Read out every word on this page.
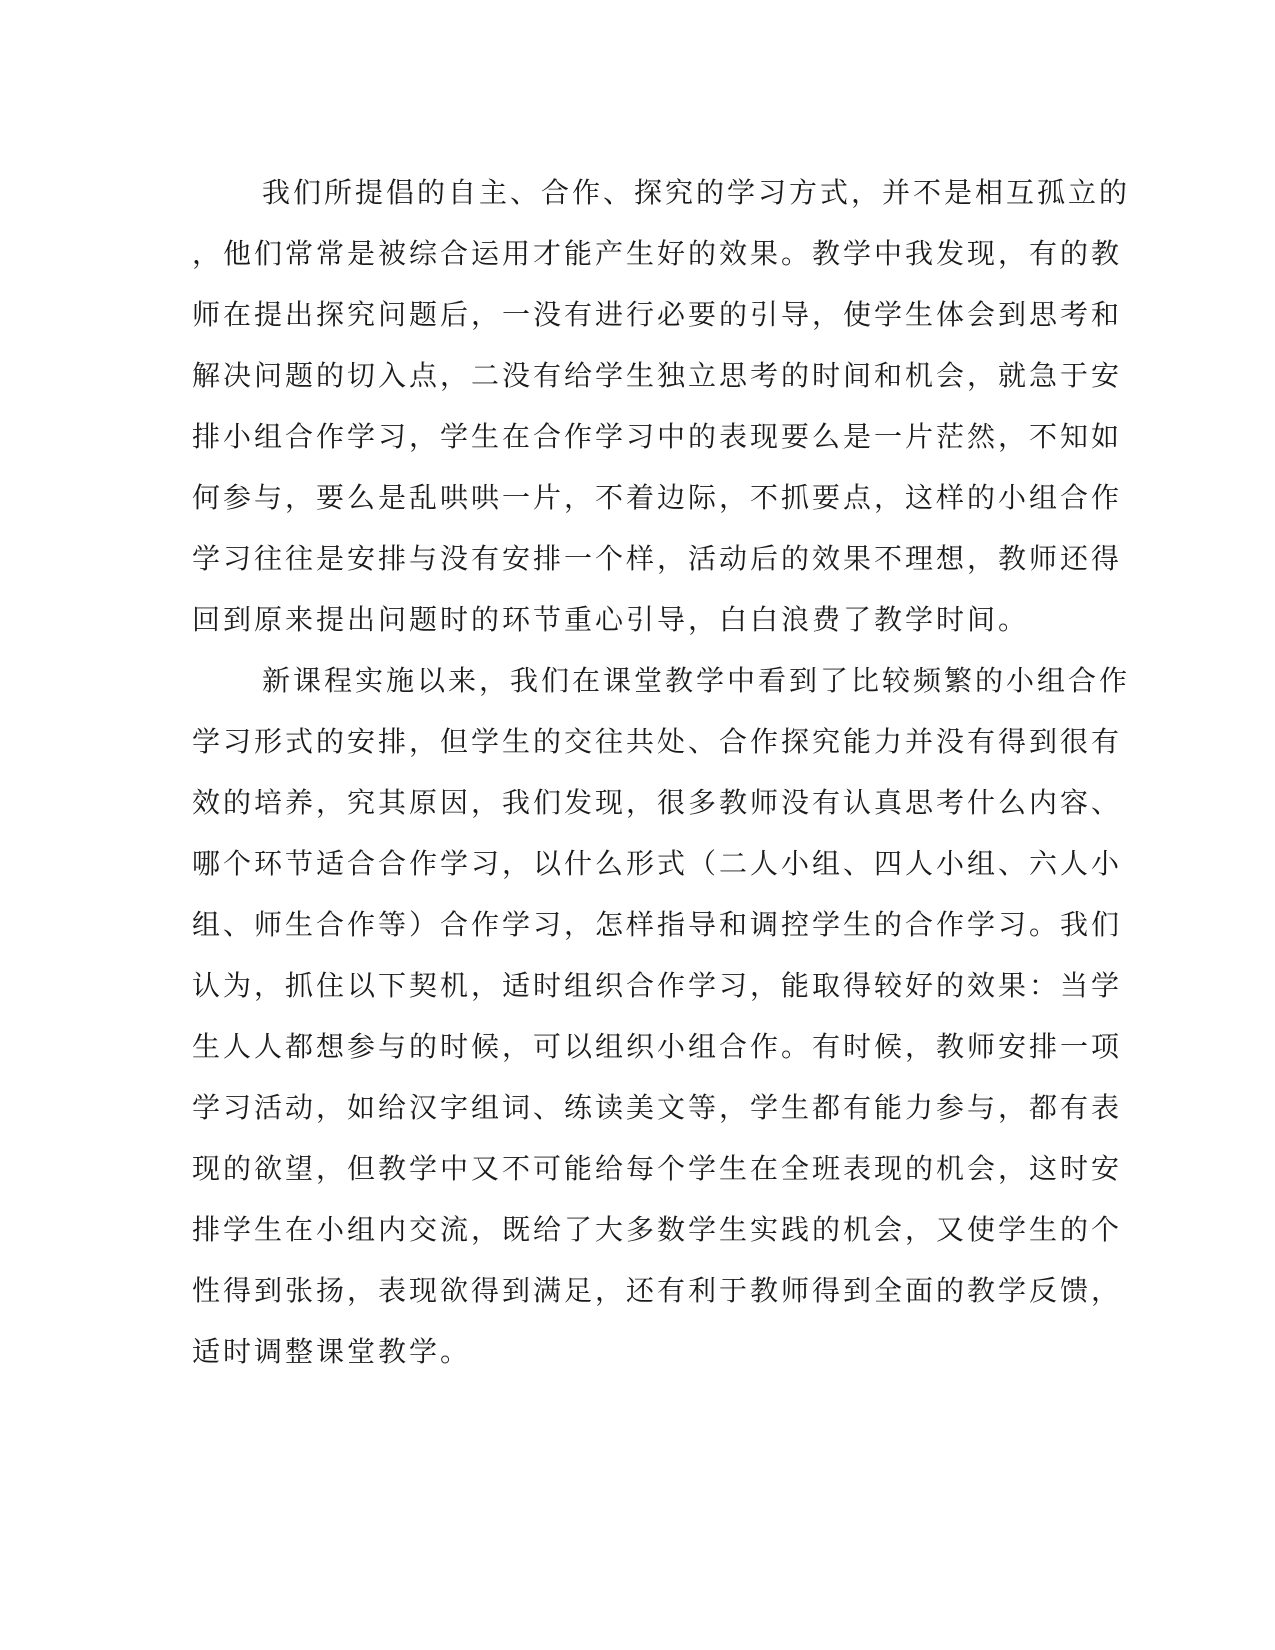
我们所提倡的自主、合作、探究的学习方式，并不是相互孤立的
，他们常常是被综合运用才能产生好的效果。教学中我发现，有的教
师在提出探究问题后，一没有进行必要的引导，使学生体会到思考和
解决问题的切入点，二没有给学生独立思考的时间和机会，就急于安
排小组合作学习，学生在合作学习中的表现要么是一片茫然，不知如
何参与，要么是乱哄哄一片，不着边际，不抓要点，这样的小组合作
学习往往是安排与没有安排一个样，活动后的效果不理想，教师还得
回到原来提出问题时的环节重心引导，白白浪费了教学时间。
新课程实施以来，我们在课堂教学中看到了比较频繁的小组合作
学习形式的安排，但学生的交往共处、合作探究能力并没有得到很有
效的培养，究其原因，我们发现，很多教师没有认真思考什么内容、
哪个环节适合合作学习，以什么形式（二人小组、四人小组、六人小
组、师生合作等）合作学习，怎样指导和调控学生的合作学习。我们
认为，抓住以下契机，适时组织合作学习，能取得较好的效果：当学
生人人都想参与的时候，可以组织小组合作。有时候，教师安排一项
学习活动，如给汉字组词、练读美文等，学生都有能力参与，都有表
现的欲望，但教学中又不可能给每个学生在全班表现的机会，这时安
排学生在小组内交流，既给了大多数学生实践的机会，又使学生的个
性得到张扬，表现欲得到满足，还有利于教师得到全面的教学反馈，
适时调整课堂教学。
